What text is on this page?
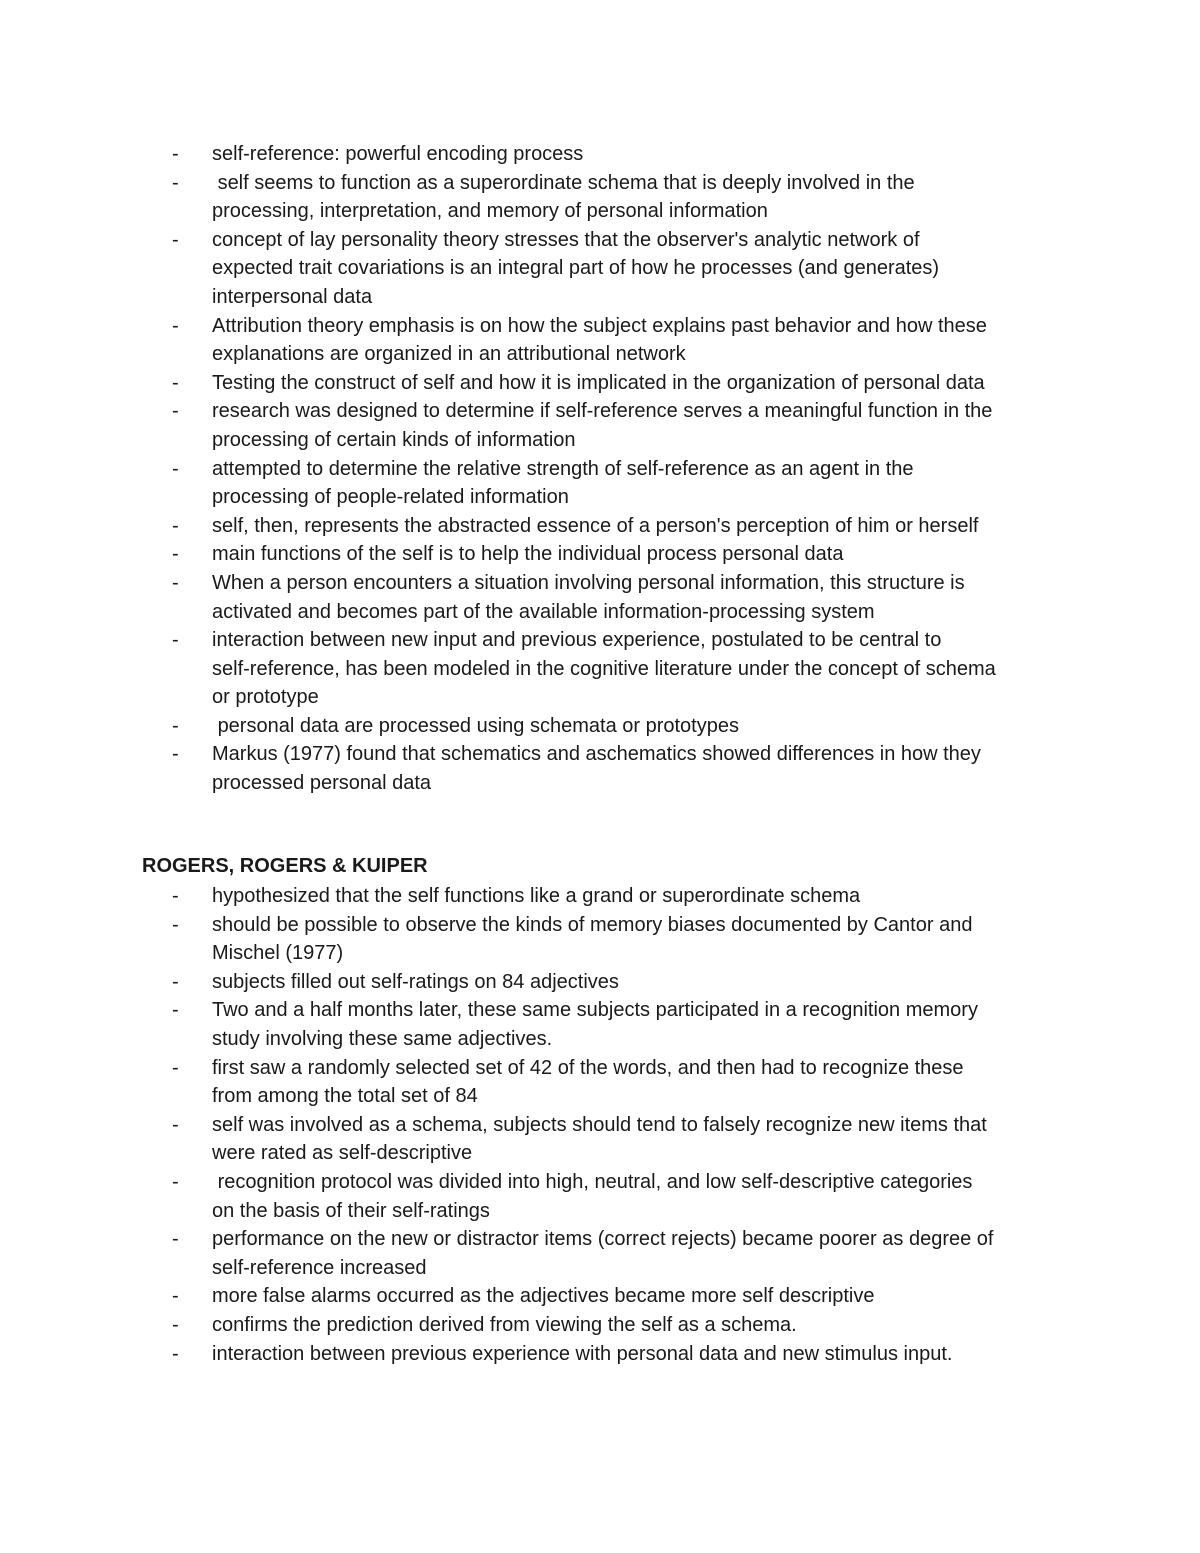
-	self-reference: powerful encoding process
-	self seems to function as a superordinate schema that is deeply involved in the
processing, interpretation, and memory of personal information
-	concept of lay personality theory stresses that the observer's analytic network of
expected trait covariations is an integral part of how he processes (and generates)
interpersonal data
-	Attribution theory emphasis is on how the subject explains past behavior and how these
explanations are organized in an attributional network
-	Testing the construct of self and how it is implicated in the organization of personal data
-	research was designed to determine if self-reference serves a meaningful function in the
processing of certain kinds of information
-	attempted to determine the relative strength of self-reference as an agent in the
processing of people-related information
-	self, then, represents the abstracted essence of a person's perception of him or herself
-	main functions of the self is to help the individual process personal data
-	When a person encounters a situation involving personal information, this structure is
activated and becomes part of the available information-processing system
-	interaction between new input and previous experience, postulated to be central to
self-reference, has been modeled in the cognitive literature under the concept of schema
or prototype
-	personal data are processed using schemata or prototypes
-	Markus (1977) found that schematics and aschematics showed differences in how they
processed personal data
ROGERS, ROGERS & KUIPER
-	hypothesized that the self functions like a grand or superordinate schema
-	should be possible to observe the kinds of memory biases documented by Cantor and
Mischel (1977)
-	subjects filled out self-ratings on 84 adjectives
-	Two and a half months later, these same subjects participated in a recognition memory
study involving these same adjectives.
-	first saw a randomly selected set of 42 of the words, and then had to recognize these
from among the total set of 84
-	self was involved as a schema, subjects should tend to falsely recognize new items that
were rated as self-descriptive
-	recognition protocol was divided into high, neutral, and low self-descriptive categories
on the basis of their self-ratings
-	performance on the new or distractor items (correct rejects) became poorer as degree of
self-reference increased
-	more false alarms occurred as the adjectives became more self descriptive
-	confirms the prediction derived from viewing the self as a schema.
-	interaction between previous experience with personal data and new stimulus input.
